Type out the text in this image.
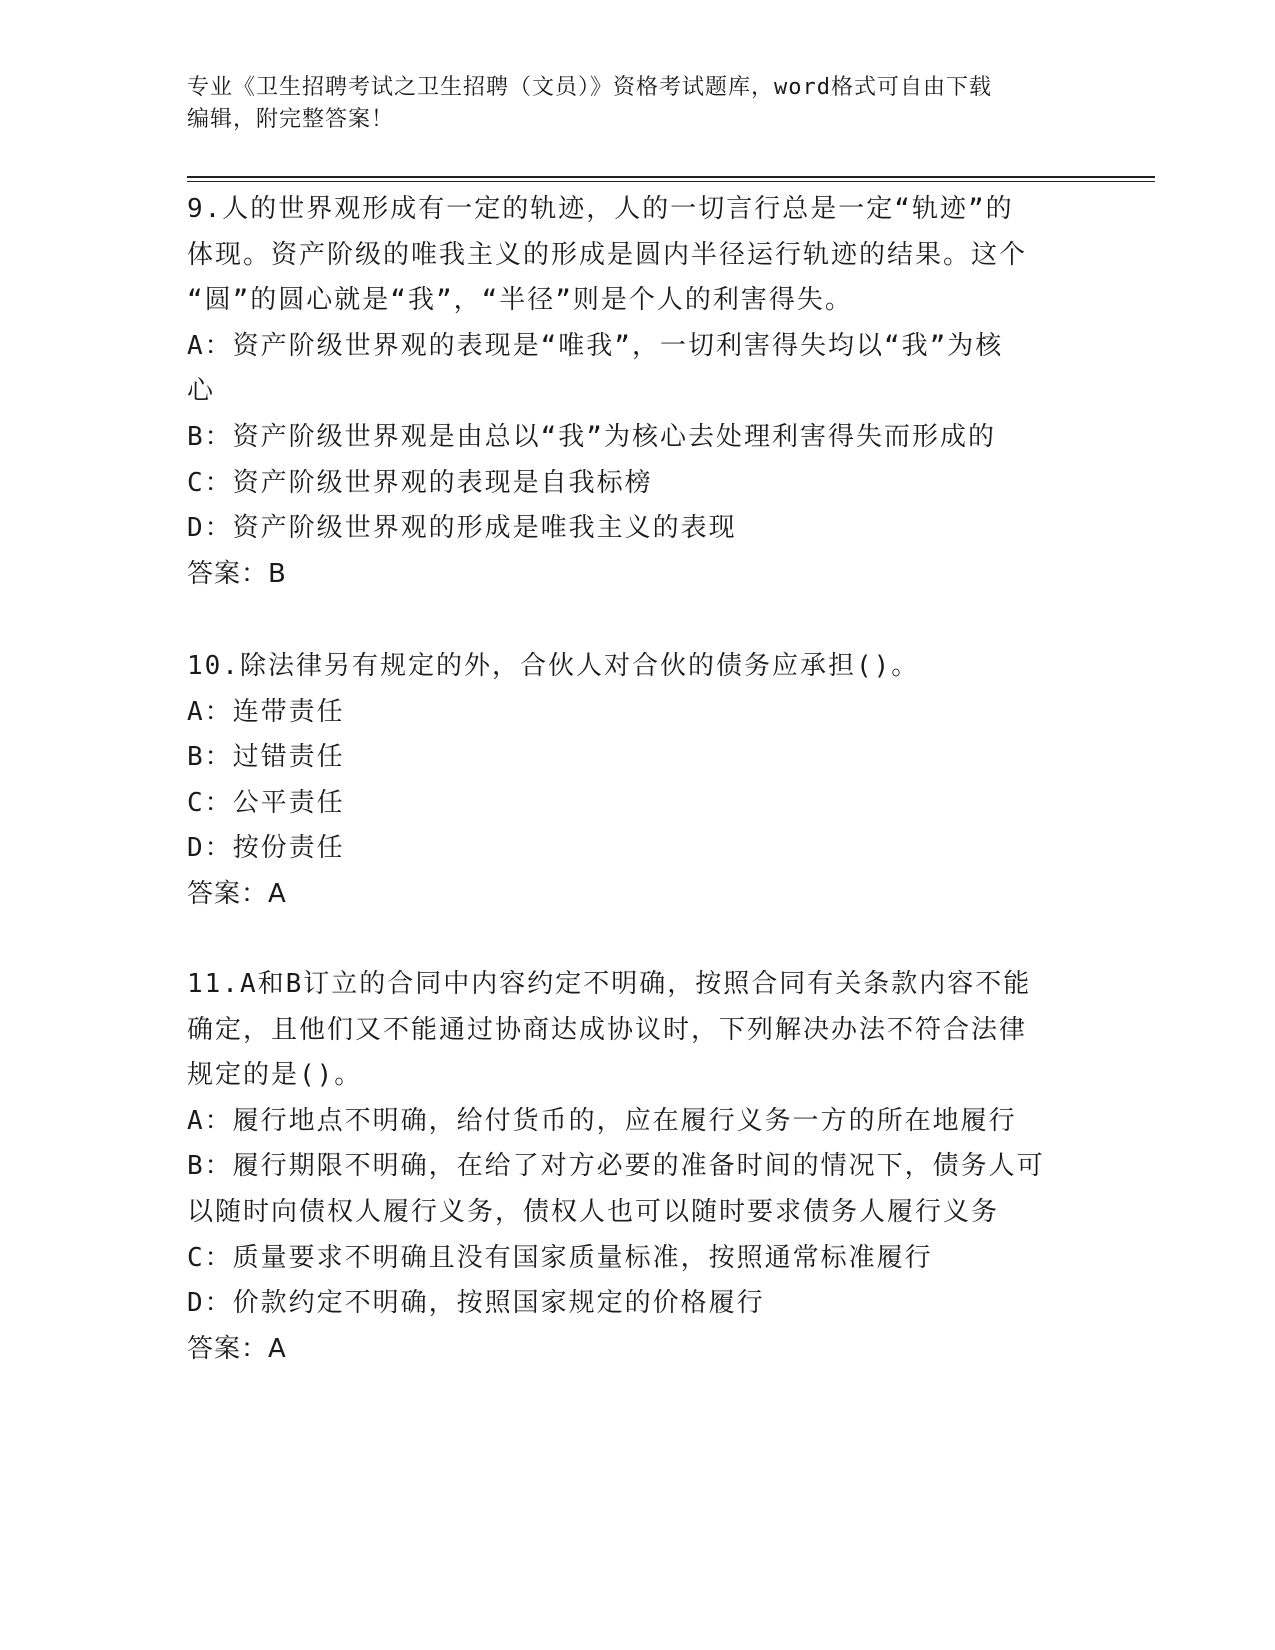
专业《卫生招聘考试之卫生招聘（文员）》资格考试题库，word格式可自由下载
编辑，附完整答案！
9.人的世界观形成有一定的轨迹，人的一切言行总是一定“轨迹”的
体现。资产阶级的唯我主义的形成是圆内半径运行轨迹的结果。这个
“圆”的圆心就是“我”，“半径”则是个人的利害得失。
A：资产阶级世界观的表现是“唯我”，一切利害得失均以“我”为核
心
B：资产阶级世界观是由总以“我”为核心去处理利害得失而形成的
C：资产阶级世界观的表现是自我标榜
D：资产阶级世界观的形成是唯我主义的表现
答案：B
10.除法律另有规定的外，合伙人对合伙的债务应承担()。
A：连带责任
B：过错责任
C：公平责任
D：按份责任
答案：A
11.A和B订立的合同中内容约定不明确，按照合同有关条款内容不能
确定，且他们又不能通过协商达成协议时，下列解决办法不符合法律
规定的是()。
A：履行地点不明确，给付货币的，应在履行义务一方的所在地履行
B：履行期限不明确，在给了对方必要的准备时间的情况下，债务人可
以随时向债权人履行义务，债权人也可以随时要求债务人履行义务
C：质量要求不明确且没有国家质量标准，按照通常标准履行
D：价款约定不明确，按照国家规定的价格履行
答案：A
